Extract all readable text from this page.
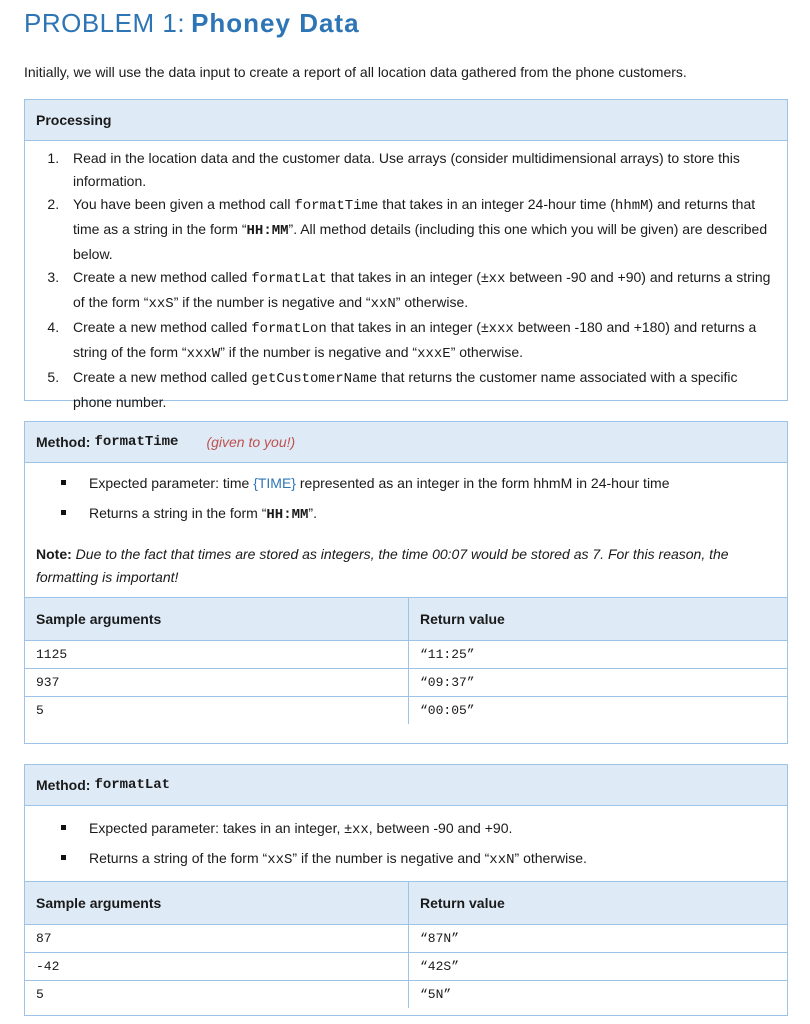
PROBLEM 1: Phoney Data
Initially, we will use the data input to create a report of all location data gathered from the phone customers.
Processing
1. Read in the location data and the customer data. Use arrays (consider multidimensional arrays) to store this information.
2. You have been given a method call formatTime that takes in an integer 24-hour time (hhmM) and returns that time as a string in the form “HH:MM”. All method details (including this one which you will be given) are described below.
3. Create a new method called formatLat that takes in an integer (±xx between -90 and +90) and returns a string of the form “xxS” if the number is negative and “xxN” otherwise.
4. Create a new method called formatLon that takes in an integer (±xxx between -180 and +180) and returns a string of the form “xxxW” if the number is negative and “xxxE” otherwise.
5. Create a new method called getCustomerName that returns the customer name associated with a specific phone number.
Method: formatTime (given to you!)
Expected parameter: time {TIME} represented as an integer in the form hhmM in 24-hour time
Returns a string in the form “HH:MM”.
Note: Due to the fact that times are stored as integers, the time 00:07 would be stored as 7. For this reason, the formatting is important!
Sample arguments	Return value
1125	“11:25”
937	“09:37”
5	“00:05”
Method: formatLat
Expected parameter: takes in an integer, ±xx, between -90 and +90.
Returns a string of the form “xxS” if the number is negative and “xxN” otherwise.
Sample arguments	Return value
87	“87N”
-42	“42S”
5	“5N”
